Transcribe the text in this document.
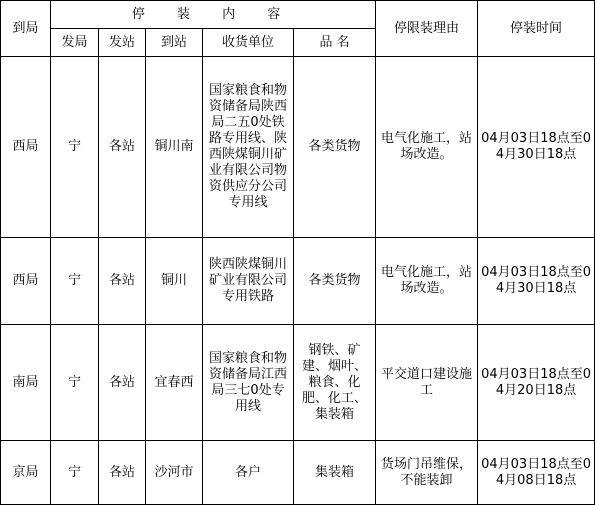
到局	停 装 内 容					停限装理由	停装时间
	发局	发站	到站	收货单位	品 名		
西局	宁	各站	铜川南	国家粮食和物资储备局陕西局二五0处铁路专用线、陕西陕煤铜川矿业有限公司物资供应分公司专用线	各类货物	电气化施工，站场改造。	04月03日18点至04月30日18点
西局	宁	各站	铜川	陕西陕煤铜川矿业有限公司专用铁路	各类货物	电气化施工，站场改造。	04月03日18点至04月30日18点
南局	宁	各站	宜春西	国家粮食和物资储备局江西局三七0处专用线	钢铁、矿建、烟叶、粮食、化肥、化工、集装箱	平交道口建设施工	04月03日18点至04月20日18点
京局	宁	各站	沙河市	各户	集装箱	货场门吊维保，不能装卸	04月03日18点至04月08日18点
